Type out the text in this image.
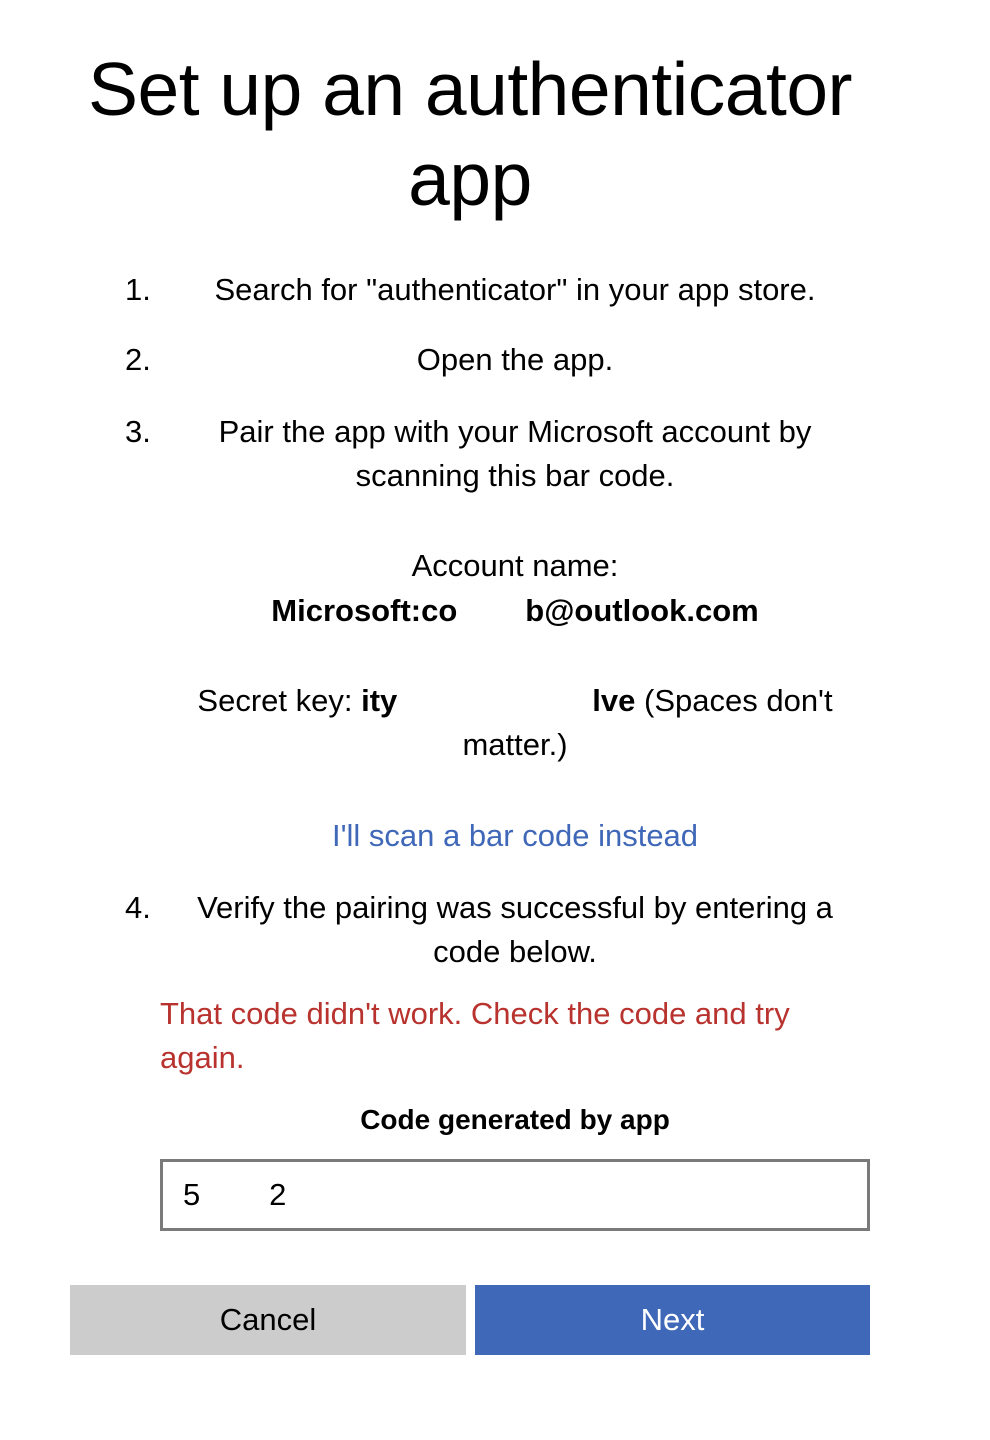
Set up an authenticator app
1.	Search for "authenticator" in your app store.
2.	Open the app.
3.	Pair the app with your Microsoft account by scanning this bar code.
Account name:
Microsoft:co b@outlook.com
Secret key: ity	lve (Spaces don't matter.)
I'll scan a bar code instead
4.	Verify the pairing was successful by entering a code below.
That code didn't work. Check the code and try again.
Code generated by app
5 2
Cancel	Next
